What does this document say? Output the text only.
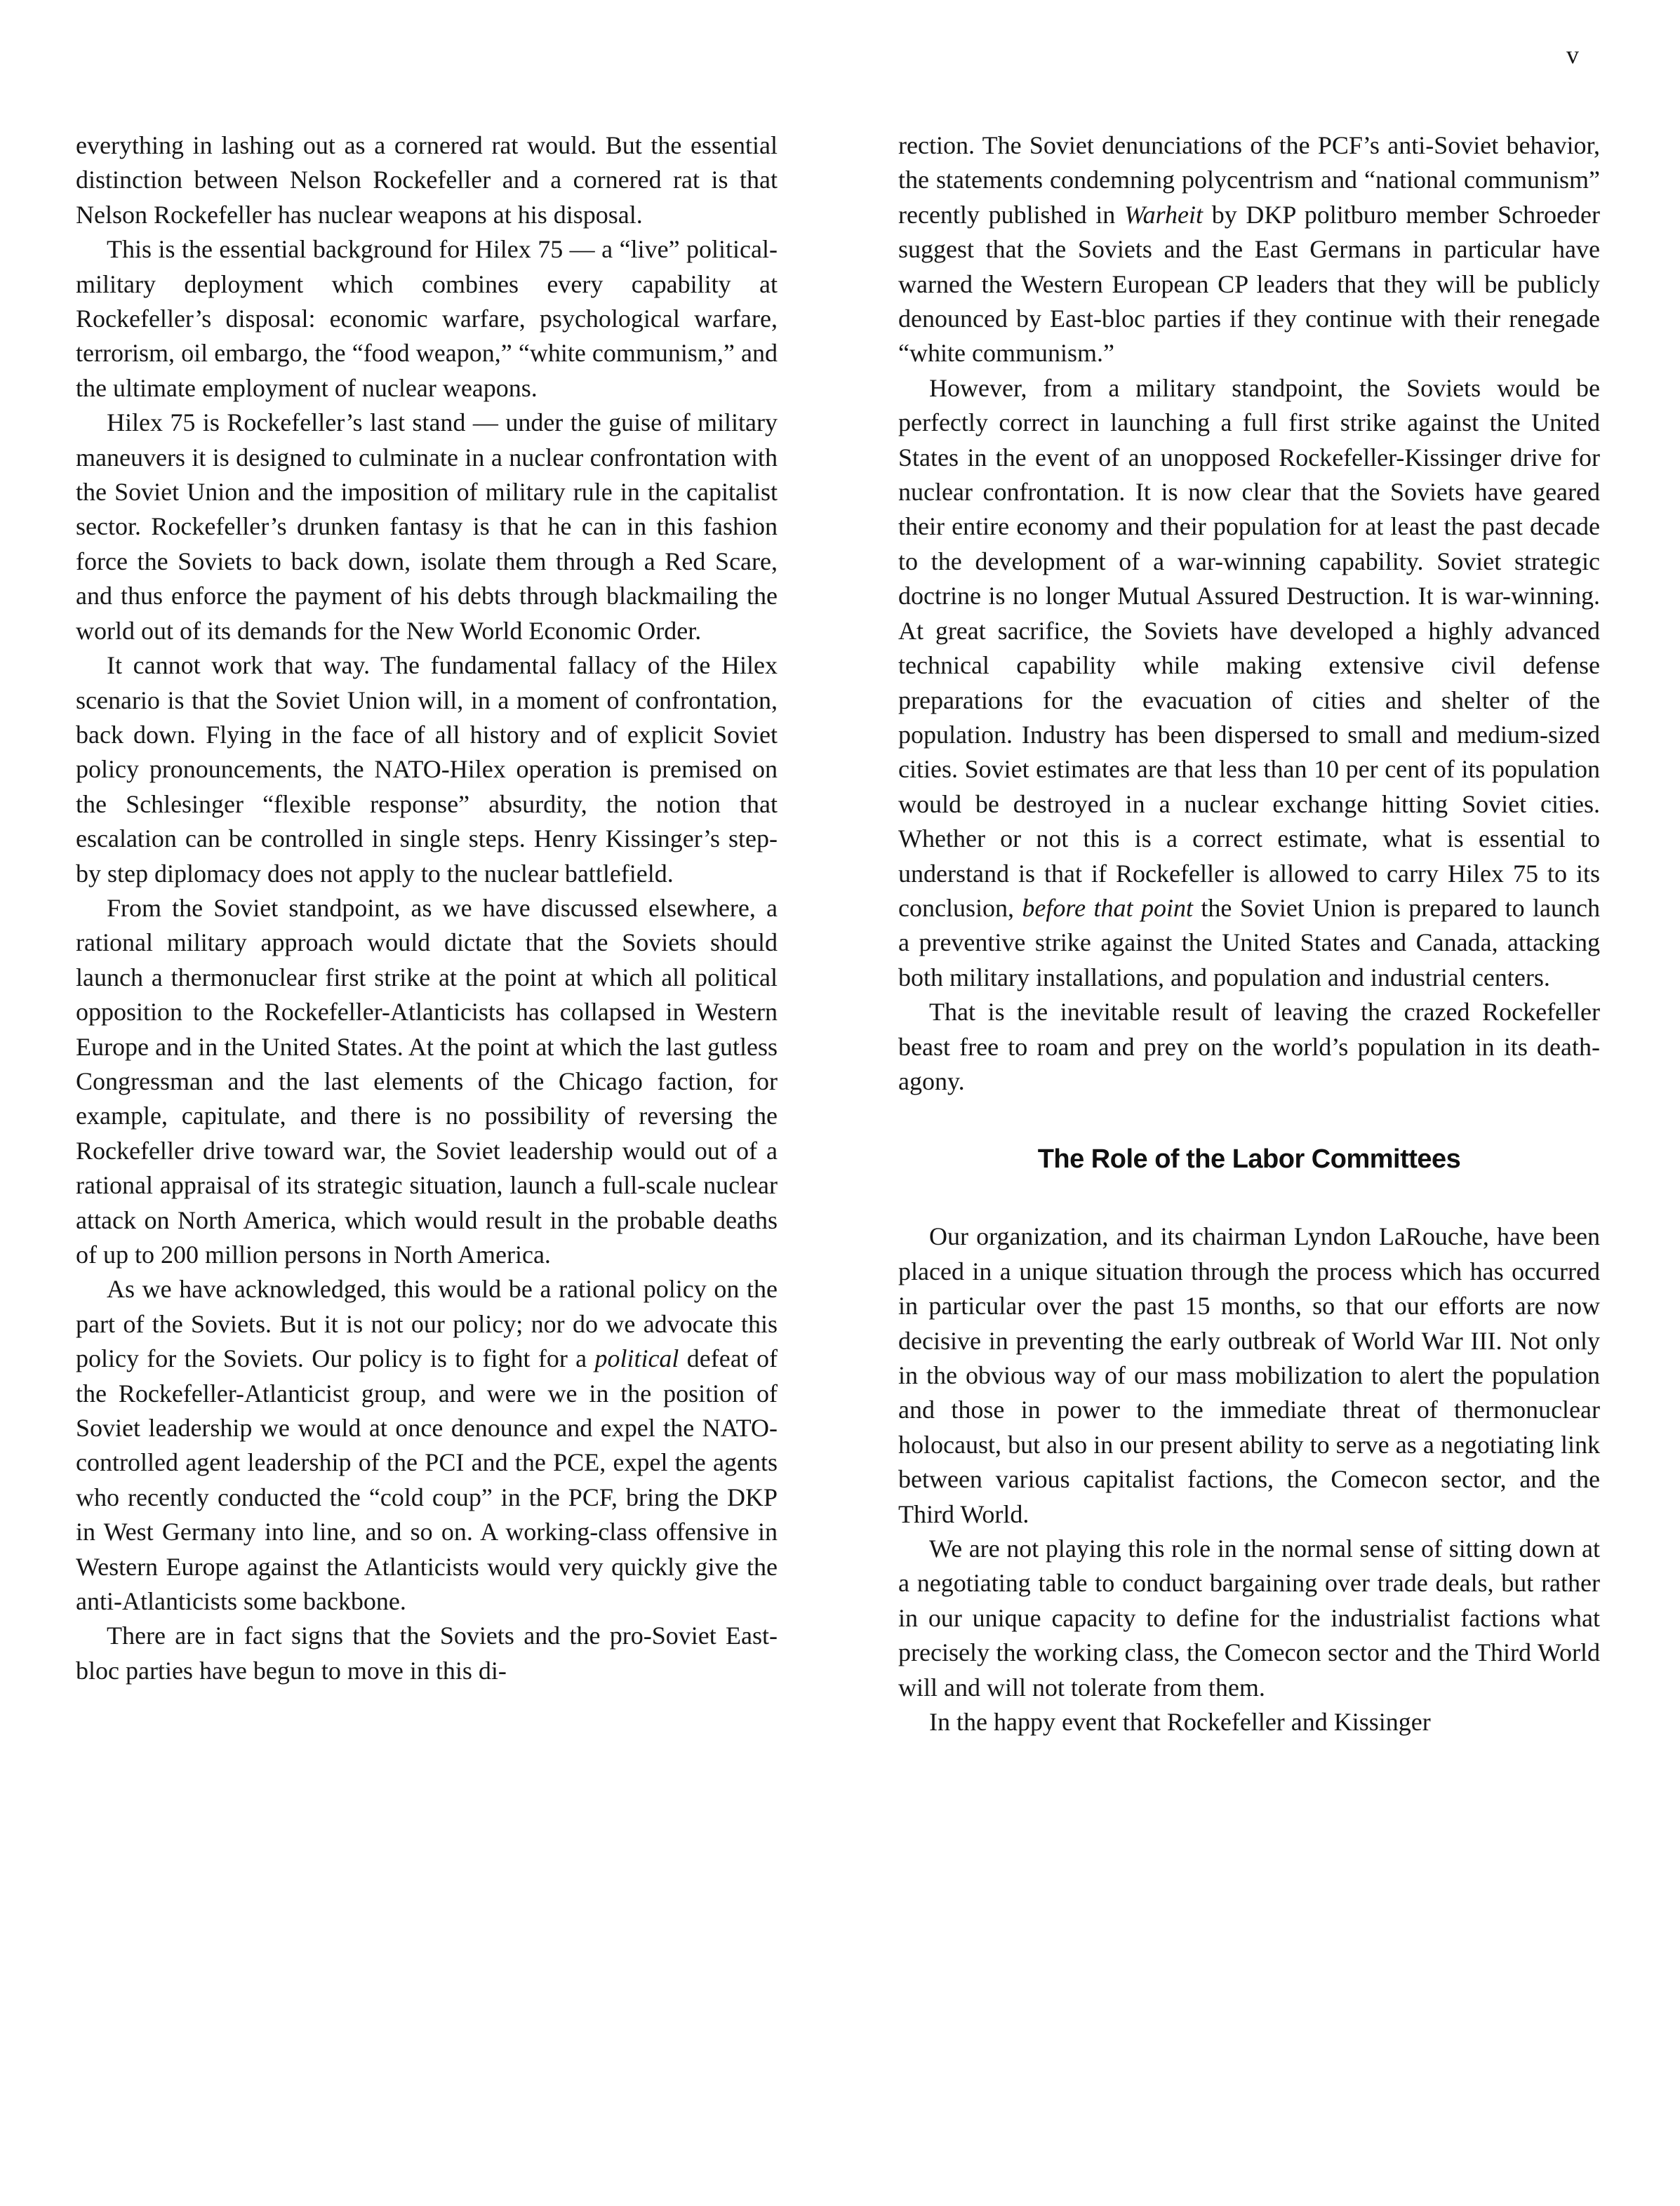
v

everything in lashing out as a cornered rat would. But the essential distinction between Nelson Rockefeller and a cornered rat is that Nelson Rockefeller has nuclear weapons at his disposal.

This is the essential background for Hilex 75 — a “live” political-military deployment which combines every capability at Rockefeller’s disposal: economic warfare, psychological warfare, terrorism, oil embargo, the “food weapon,” “white communism,” and the ultimate employment of nuclear weapons.

Hilex 75 is Rockefeller’s last stand — under the guise of military maneuvers it is designed to culminate in a nuclear confrontation with the Soviet Union and the imposition of military rule in the capitalist sector. Rockefeller’s drunken fantasy is that he can in this fashion force the Soviets to back down, isolate them through a Red Scare, and thus enforce the payment of his debts through blackmailing the world out of its demands for the New World Economic Order.

It cannot work that way. The fundamental fallacy of the Hilex scenario is that the Soviet Union will, in a moment of confrontation, back down. Flying in the face of all history and of explicit Soviet policy pronouncements, the NATO-Hilex operation is premised on the Schlesinger “flexible response” absurdity, the notion that escalation can be controlled in single steps. Henry Kissinger’s step-by step diplomacy does not apply to the nuclear battlefield.

From the Soviet standpoint, as we have discussed elsewhere, a rational military approach would dictate that the Soviets should launch a thermonuclear first strike at the point at which all political opposition to the Rockefeller-Atlanticists has collapsed in Western Europe and in the United States. At the point at which the last gutless Congressman and the last elements of the Chicago faction, for example, capitulate, and there is no possibility of reversing the Rockefeller drive toward war, the Soviet leadership would out of a rational appraisal of its strategic situation, launch a full-scale nuclear attack on North America, which would result in the probable deaths of up to 200 million persons in North America.

As we have acknowledged, this would be a rational policy on the part of the Soviets. But it is not our policy; nor do we advocate this policy for the Soviets. Our policy is to fight for a political defeat of the Rockefeller-Atlanticist group, and were we in the position of Soviet leadership we would at once denounce and expel the NATO-controlled agent leadership of the PCI and the PCE, expel the agents who recently conducted the “cold coup” in the PCF, bring the DKP in West Germany into line, and so on. A working-class offensive in Western Europe against the Atlanticists would very quickly give the anti-Atlanticists some backbone.

There are in fact signs that the Soviets and the pro-Soviet East-bloc parties have begun to move in this di-

rection. The Soviet denunciations of the PCF’s anti-Soviet behavior, the statements condemning polycentrism and “national communism” recently published in Warheit by DKP politburo member Schroeder suggest that the Soviets and the East Germans in particular have warned the Western European CP leaders that they will be publicly denounced by East-bloc parties if they continue with their renegade “white communism.”

However, from a military standpoint, the Soviets would be perfectly correct in launching a full first strike against the United States in the event of an unopposed Rockefeller-Kissinger drive for nuclear confrontation. It is now clear that the Soviets have geared their entire economy and their population for at least the past decade to the development of a war-winning capability. Soviet strategic doctrine is no longer Mutual Assured Destruction. It is war-winning. At great sacrifice, the Soviets have developed a highly advanced technical capability while making extensive civil defense preparations for the evacuation of cities and shelter of the population. Industry has been dispersed to small and medium-sized cities. Soviet estimates are that less than 10 per cent of its population would be destroyed in a nuclear exchange hitting Soviet cities. Whether or not this is a correct estimate, what is essential to understand is that if Rockefeller is allowed to carry Hilex 75 to its conclusion, before that point the Soviet Union is prepared to launch a preventive strike against the United States and Canada, attacking both military installations, and population and industrial centers.

That is the inevitable result of leaving the crazed Rockefeller beast free to roam and prey on the world’s population in its death-agony.

The Role of the Labor Committees

Our organization, and its chairman Lyndon LaRouche, have been placed in a unique situation through the process which has occurred in particular over the past 15 months, so that our efforts are now decisive in preventing the early outbreak of World War III. Not only in the obvious way of our mass mobilization to alert the population and those in power to the immediate threat of thermonuclear holocaust, but also in our present ability to serve as a negotiating link between various capitalist factions, the Comecon sector, and the Third World.

We are not playing this role in the normal sense of sitting down at a negotiating table to conduct bargaining over trade deals, but rather in our unique capacity to define for the industrialist factions what precisely the working class, the Comecon sector and the Third World will and will not tolerate from them.

In the happy event that Rockefeller and Kissinger
